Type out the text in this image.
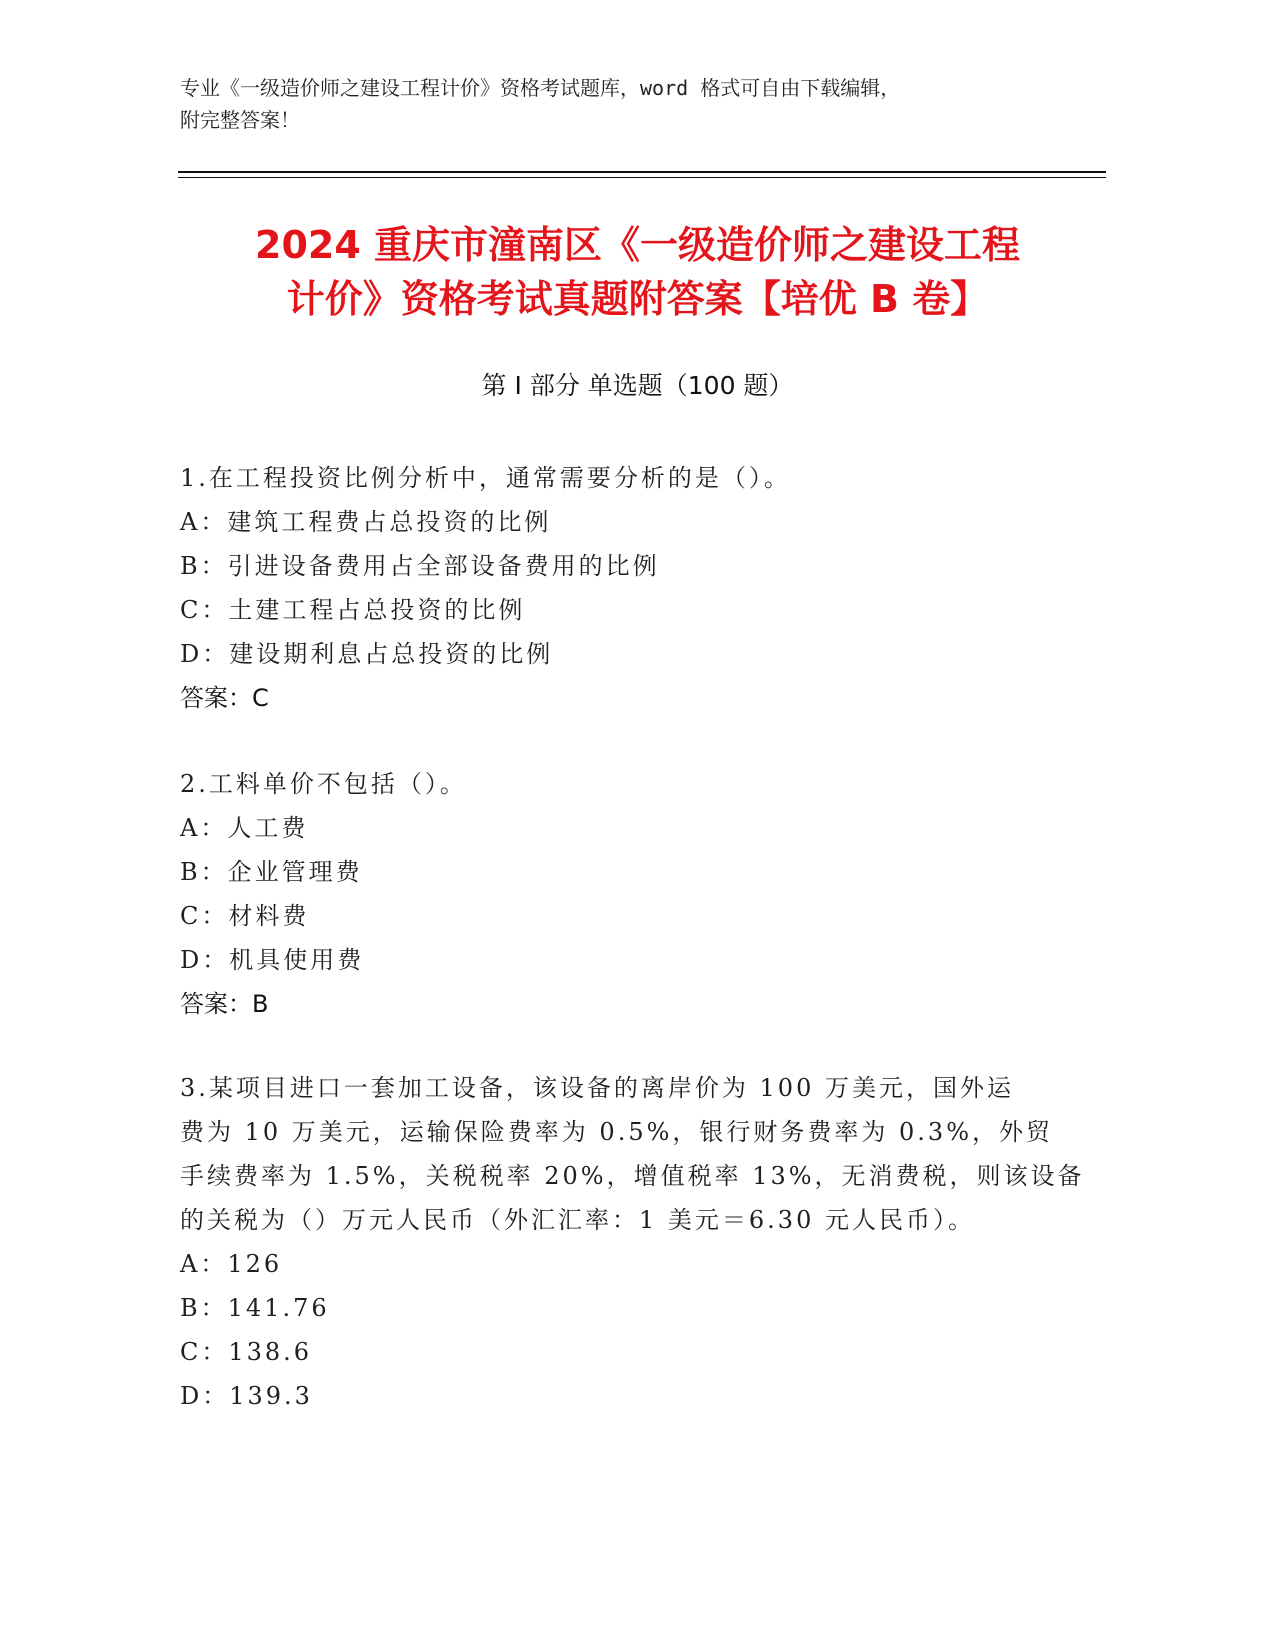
专业《一级造价师之建设工程计价》资格考试题库，word 格式可自由下载编辑，
附完整答案！
2024 重庆市潼南区《一级造价师之建设工程
计价》资格考试真题附答案【培优 B 卷】
第 I 部分 单选题（100 题）
1.在工程投资比例分析中，通常需要分析的是（）。
A：建筑工程费占总投资的比例
B：引进设备费用占全部设备费用的比例
C：土建工程占总投资的比例
D：建设期利息占总投资的比例
答案：C
2.工料单价不包括（）。
A：人工费
B：企业管理费
C：材料费
D：机具使用费
答案：B
3.某项目进口一套加工设备，该设备的离岸价为 100 万美元，国外运
费为 10 万美元，运输保险费率为 0.5%，银行财务费率为 0.3%，外贸
手续费率为 1.5%，关税税率 20%，增值税率 13%，无消费税，则该设备
的关税为（）万元人民币（外汇汇率：1 美元＝6.30 元人民币）。
A：126
B：141.76
C：138.6
D：139.3
